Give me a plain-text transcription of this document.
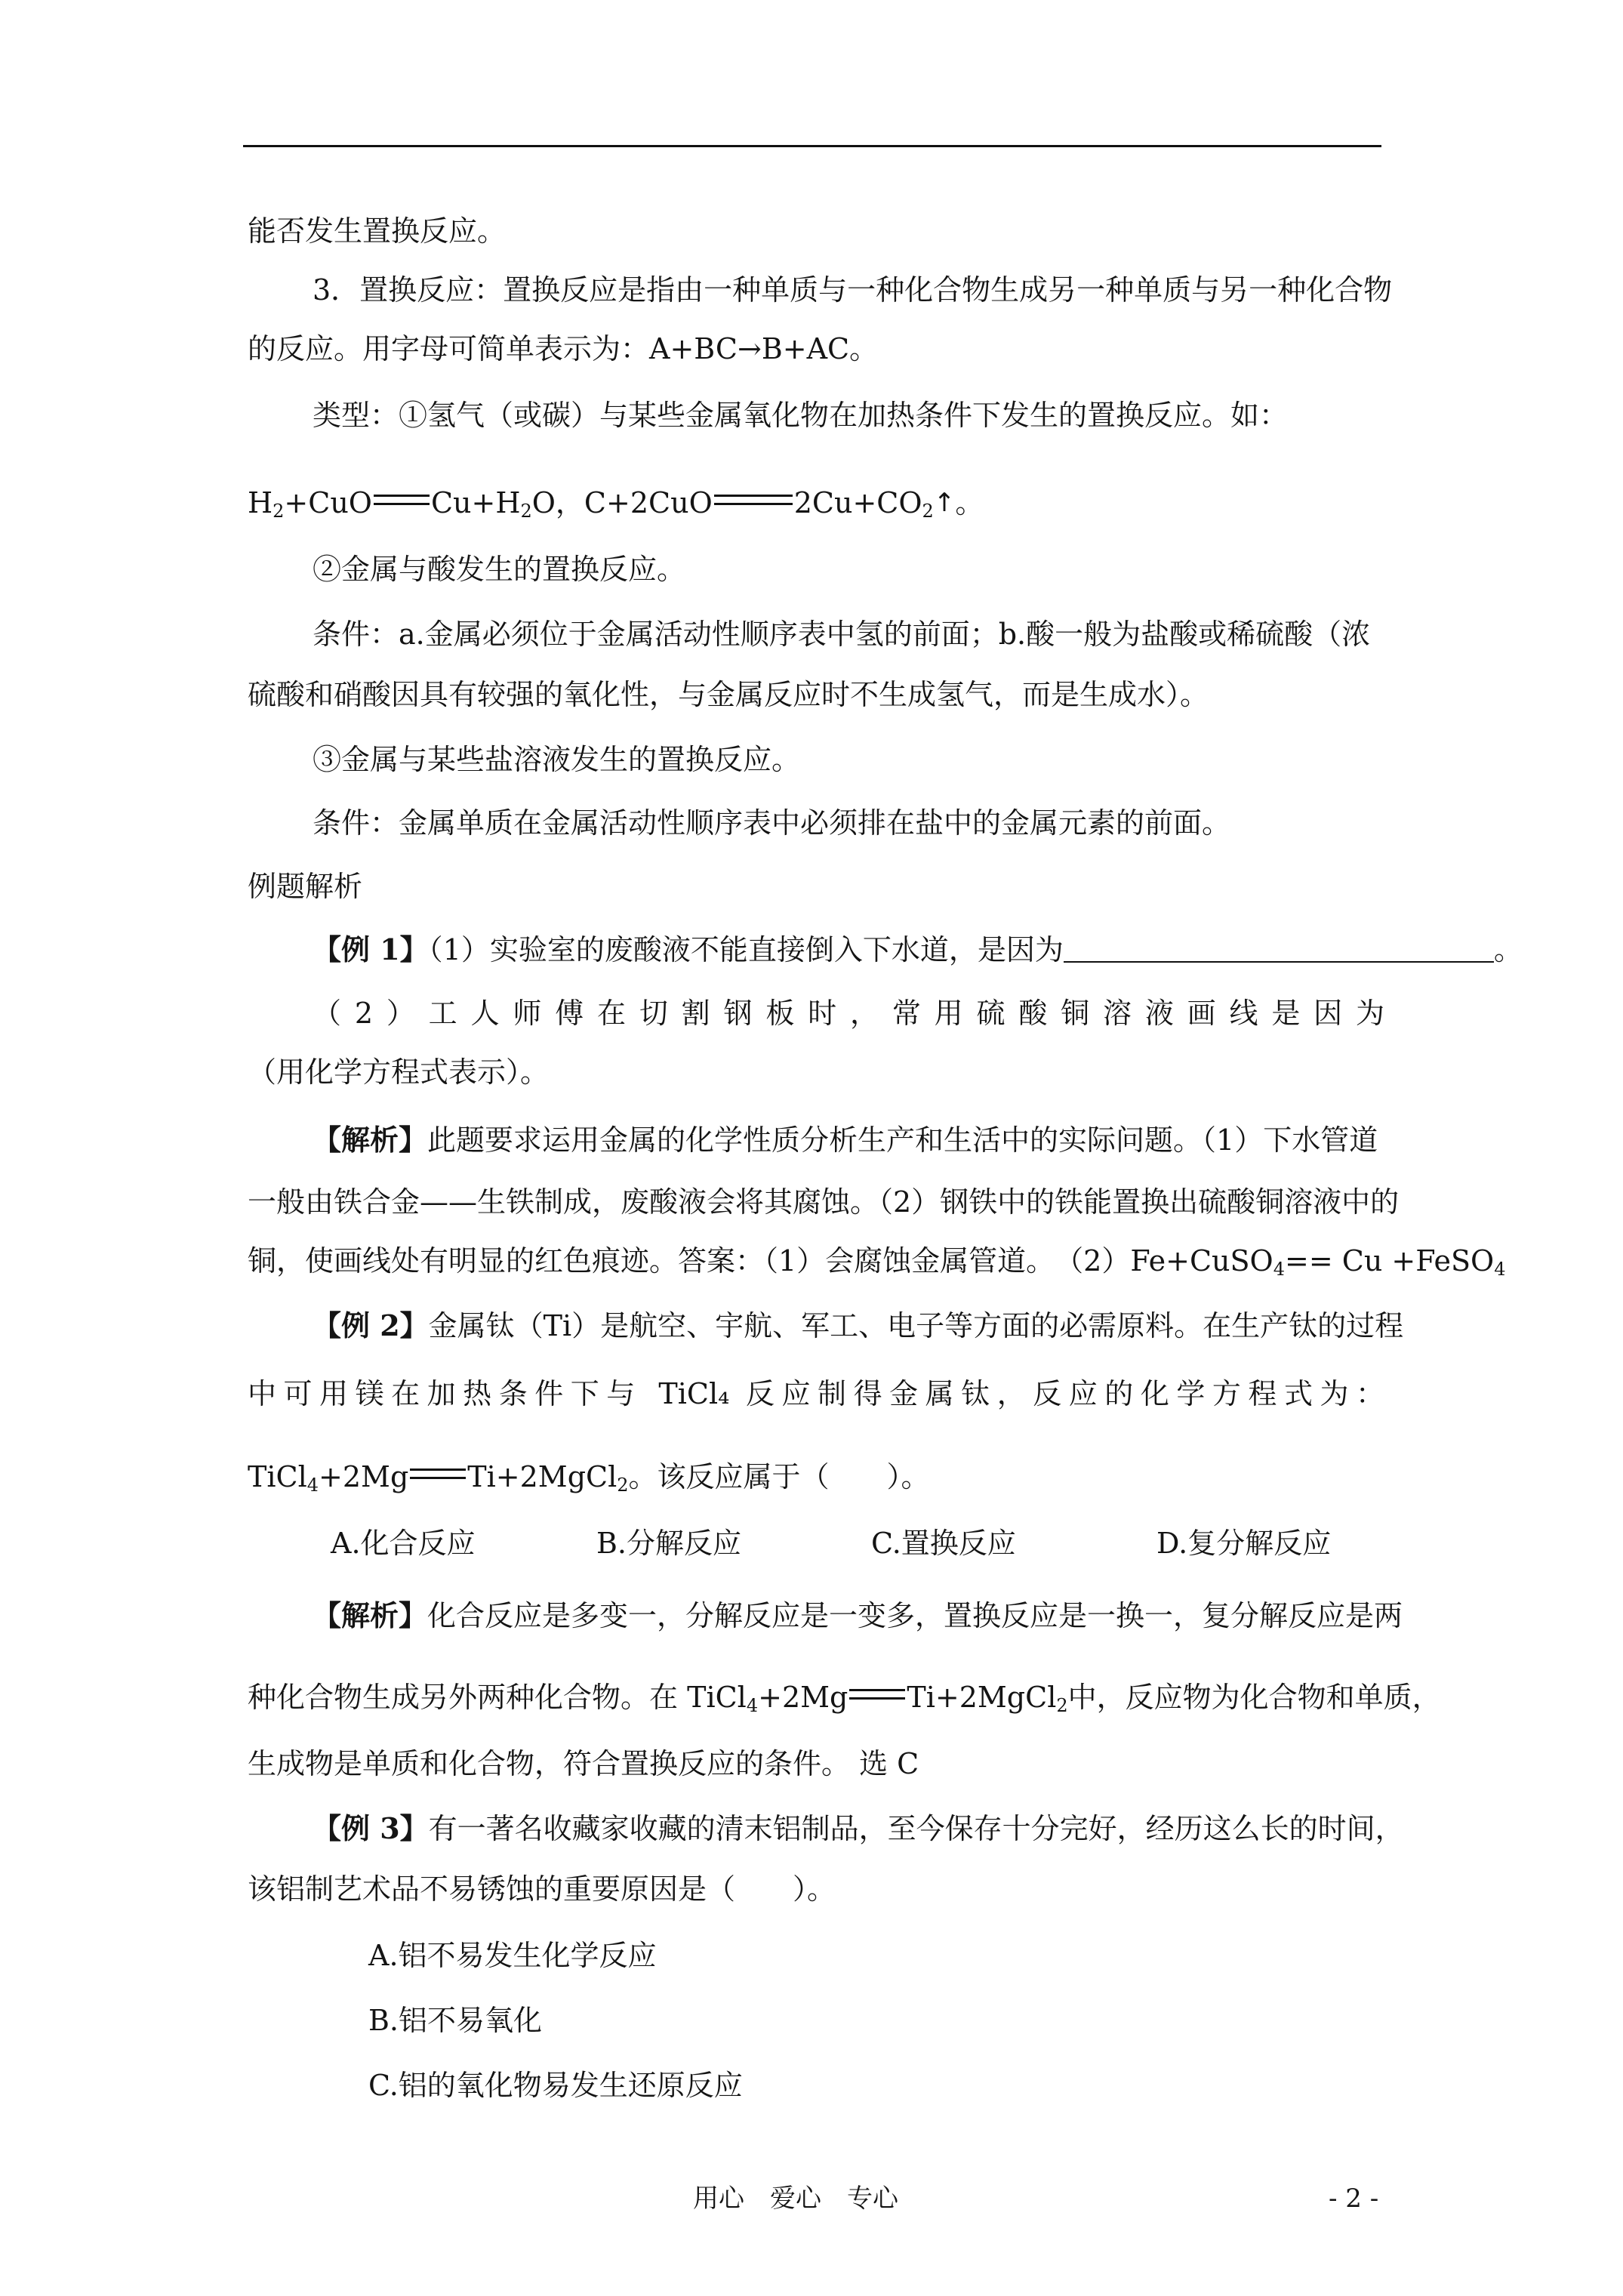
能否发生置换反应。
3．置换反应：置换反应是指由一种单质与一种化合物生成另一种单质与另一种化合物
的反应。用字母可简单表示为：A+BC→B+AC。
类型：①氢气（或碳）与某些金属氧化物在加热条件下发生的置换反应。如：
$H_2+CuO$ $Cu+H_2O$，C+2CuO	$2Cu+CO_2↑$。
②金属与酸发生的置换反应。
条件：a.金属必须位于金属活动性顺序表中氢的前面；b.酸一般为盐酸或稀硫酸（浓
硫酸和硝酸因具有较强的氧化性，与金属反应时不生成氢气，而是生成水）。
③金属与某些盐溶液发生的置换反应。
条件：金属单质在金属活动性顺序表中必须排在盐中的金属元素的前面。
例题解析
【例 1】（1）实验室的废酸液不能直接倒入下水道，是因为	。
（2）工人师傅在切割钢板时，常用硫酸铜溶液画线是因为
（用化学方程式表示）。
【解析】此题要求运用金属的化学性质分析生产和生活中的实际问题。（1）下水管道
一般由铁合金——生铁制成，废酸液会将其腐蚀。（2）钢铁中的铁能置换出硫酸铜溶液中的
铜，使画线处有明显的红色痕迹。答案：（1）会腐蚀金属管道。　（2）Fe+CuSO$_4$== Cu +FeSO$_4$
【例 2】金属钛（Ti）是航空、宇航、军工、电子等方面的必需原料。在生产钛的过程
中可用镁在加热条件下与 TiCl₄ 反应制得金属钛，反应的化学方程式为：
TiCl$_4$+2Mg Ti+2MgCl$_2$。该反应属于（　　）。
A.化合反应	B.分解反应	C.置换反应	D.复分解反应
【解析】化合反应是多变一，分解反应是一变多，置换反应是一换一，复分解反应是两
种化合物生成另外两种化合物。在 TiCl$_4$+2Mg Ti+2MgCl$_2$中，反应物为化合物和单质，
生成物是单质和化合物，符合置换反应的条件。 选 C
【例 3】有一著名收藏家收藏的清末铝制品，至今保存十分完好，经历这么长的时间，
该铝制艺术品不易锈蚀的重要原因是（　　）。
A.铝不易发生化学反应
B.铝不易氧化
C.铝的氧化物易发生还原反应
用心　爱心　专心	- 2 -
